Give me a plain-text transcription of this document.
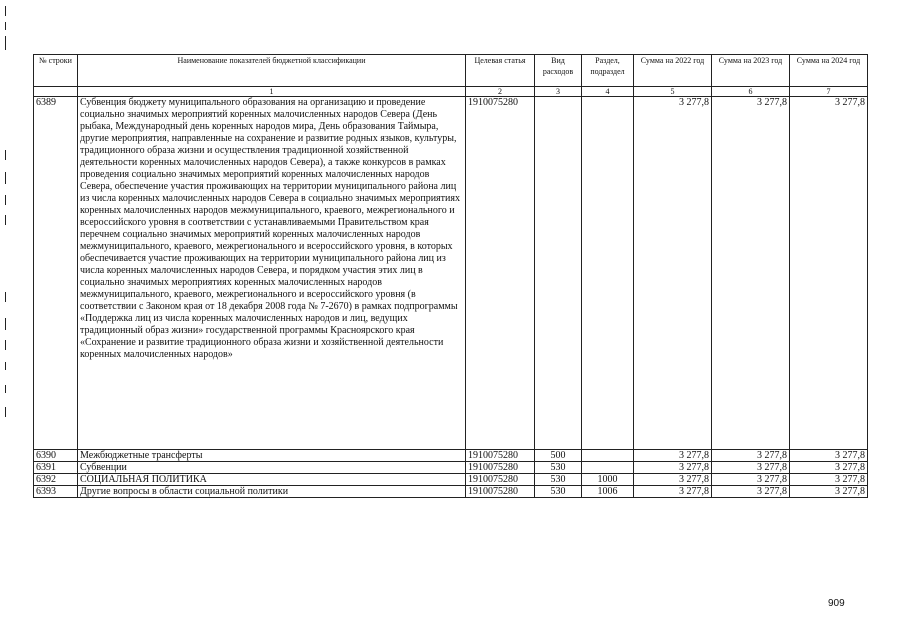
№ строки	Наименование показателей бюджетной классификации	Целевая статья	Вид расходов	Раздел, подраздел	Сумма на 2022 год	Сумма на 2023 год	Сумма на 2024 год
	1	2	3	4	5	6	7
6389	Субвенция бюджету муниципального образования на организацию и проведение социально значимых мероприятий коренных малочисленных народов Севера (День рыбака, Международный день коренных народов мира, День образования Таймыра, другие мероприятия, направленные на сохранение и развитие родных языков, культуры, традиционного образа жизни и осуществления традиционной хозяйственной деятельности коренных малочисленных народов Севера), а также конкурсов в рамках проведения социально значимых мероприятий коренных малочисленных народов Севера, обеспечение участия проживающих на территории муниципального района лиц из числа коренных малочисленных народов Севера в социально значимых мероприятиях коренных малочисленных народов межмуниципального, краевого, межрегионального и всероссийского уровня в соответствии с устанавливаемыми Правительством края перечнем социально значимых мероприятий коренных малочисленных народов межмуниципального, краевого, межрегионального и всероссийского уровня, в которых обеспечивается участие проживающих на территории муниципального района лиц из числа коренных малочисленных народов Севера, и порядком участия этих лиц в социально значимых мероприятиях коренных малочисленных народов межмуниципального, краевого, межрегионального и всероссийского уровня (в соответствии с Законом края от 18 декабря 2008 года № 7-2670) в рамках подпрограммы «Поддержка лиц из числа коренных малочисленных народов и лиц, ведущих традиционный образ жизни» государственной программы Красноярского края «Сохранение и развитие традиционного образа жизни и хозяйственной деятельности коренных малочисленных народов»	1910075280			3 277,8	3 277,8	3 277,8
6390	Межбюджетные трансферты	1910075280	500		3 277,8	3 277,8	3 277,8
6391	Субвенции	1910075280	530		3 277,8	3 277,8	3 277,8
6392	СОЦИАЛЬНАЯ ПОЛИТИКА	1910075280	530	1000	3 277,8	3 277,8	3 277,8
6393	Другие вопросы в области социальной политики	1910075280	530	1006	3 277,8	3 277,8	3 277,8
909
